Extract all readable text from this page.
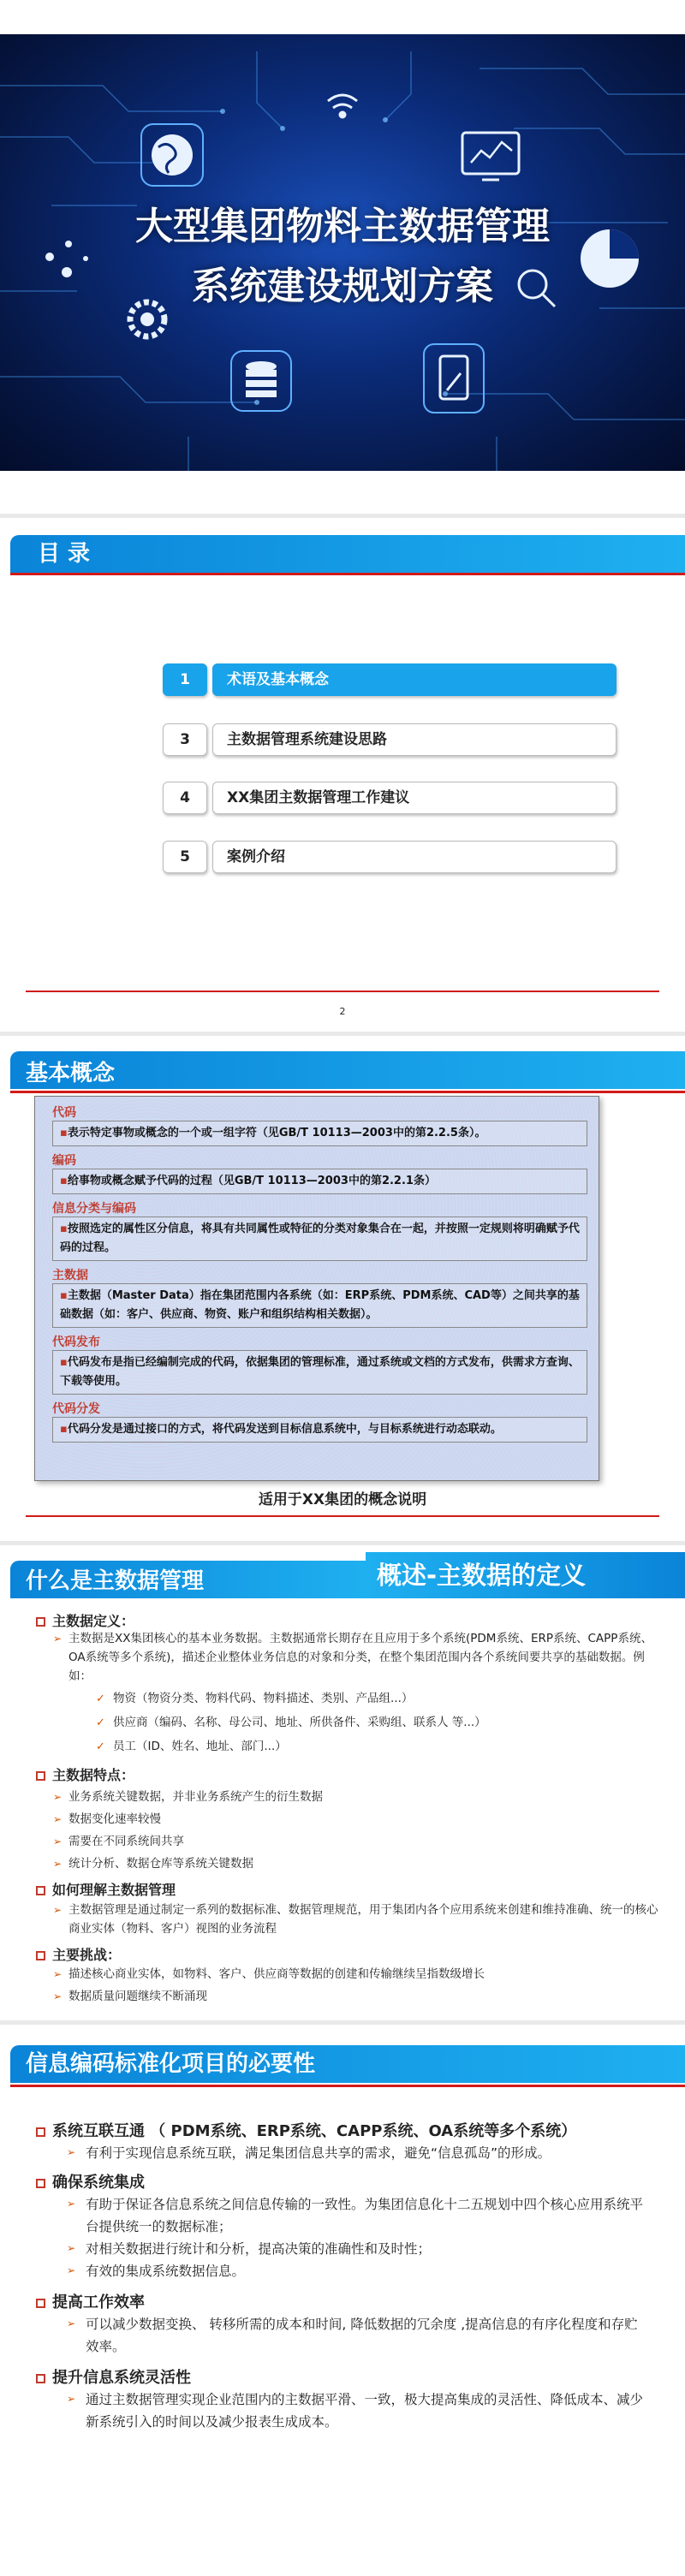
大型集团物料主数据管理
系统建设规划方案
目 录
1	术语及基本概念
3	主数据管理系统建设思路
4	XX集团主数据管理工作建议
5	案例介绍
2
基本概念
代码
▪表示特定事物或概念的一个或一组字符（见GB/T 10113—2003中的第2.2.5条）。
编码
▪给事物或概念赋予代码的过程（见GB/T 10113—2003中的第2.2.1条）
信息分类与编码
▪按照选定的属性区分信息，将具有共同属性或特征的分类对象集合在一起，并按照一定规则将明确赋予代码的过程。
主数据
▪主数据（Master Data）指在集团范围内各系统（如：ERP系统、PDM系统、CAD等）之间共享的基础数据（如：客户、供应商、物资、账户和组织结构相关数据）。
代码发布
▪代码发布是指已经编制完成的代码，依据集团的管理标准，通过系统或文档的方式发布，供需求方查询、下载等使用。
代码分发
▪代码分发是通过接口的方式，将代码发送到目标信息系统中，与目标系统进行动态联动。
适用于XX集团的概念说明
什么是主数据管理	概述-主数据的定义
主数据定义：
➢ 主数据是XX集团核心的基本业务数据。主数据通常长期存在且应用于多个系统(PDM系统、ERP系统、CAPP系统、OA系统等多个系统)，描述企业整体业务信息的对象和分类，在整个集团范围内各个系统间要共享的基础数据。例如：
✓ 物资（物资分类、物料代码、物料描述、类别、产品组...）
✓ 供应商（编码、名称、母公司、地址、所供备件、采购组、联系人 等...）
✓ 员工（ID、姓名、地址、部门...）
主数据特点：
➢ 业务系统关键数据，并非业务系统产生的衍生数据
➢ 数据变化速率较慢
➢ 需要在不同系统间共享
➢ 统计分析、数据仓库等系统关键数据
如何理解主数据管理
➢ 主数据管理是通过制定一系列的数据标准、数据管理规范，用于集团内各个应用系统来创建和维持准确、统一的核心商业实体（物料、客户）视图的业务流程
主要挑战：
➢ 描述核心商业实体，如物料、客户、供应商等数据的创建和传输继续呈指数级增长
➢ 数据质量问题继续不断涌现
信息编码标准化项目的必要性
系统互联互通 （ PDM系统、ERP系统、CAPP系统、OA系统等多个系统）
➢ 有利于实现信息系统互联，满足集团信息共享的需求，避免“信息孤岛”的形成。
确保系统集成
➢ 有助于保证各信息系统之间信息传输的一致性。为集团信息化十二五规划中四个核心应用系统平台提供统一的数据标准；
➢ 对相关数据进行统计和分析，提高决策的准确性和及时性；
➢ 有效的集成系统数据信息。
提高工作效率
➢ 可以减少数据变换、 转移所需的成本和时间, 降低数据的冗余度 ,提高信息的有序化程度和存贮效率。
提升信息系统灵活性
➢ 通过主数据管理实现企业范围内的主数据平滑、一致，极大提高集成的灵活性、降低成本、减少新系统引入的时间以及减少报表生成成本。
